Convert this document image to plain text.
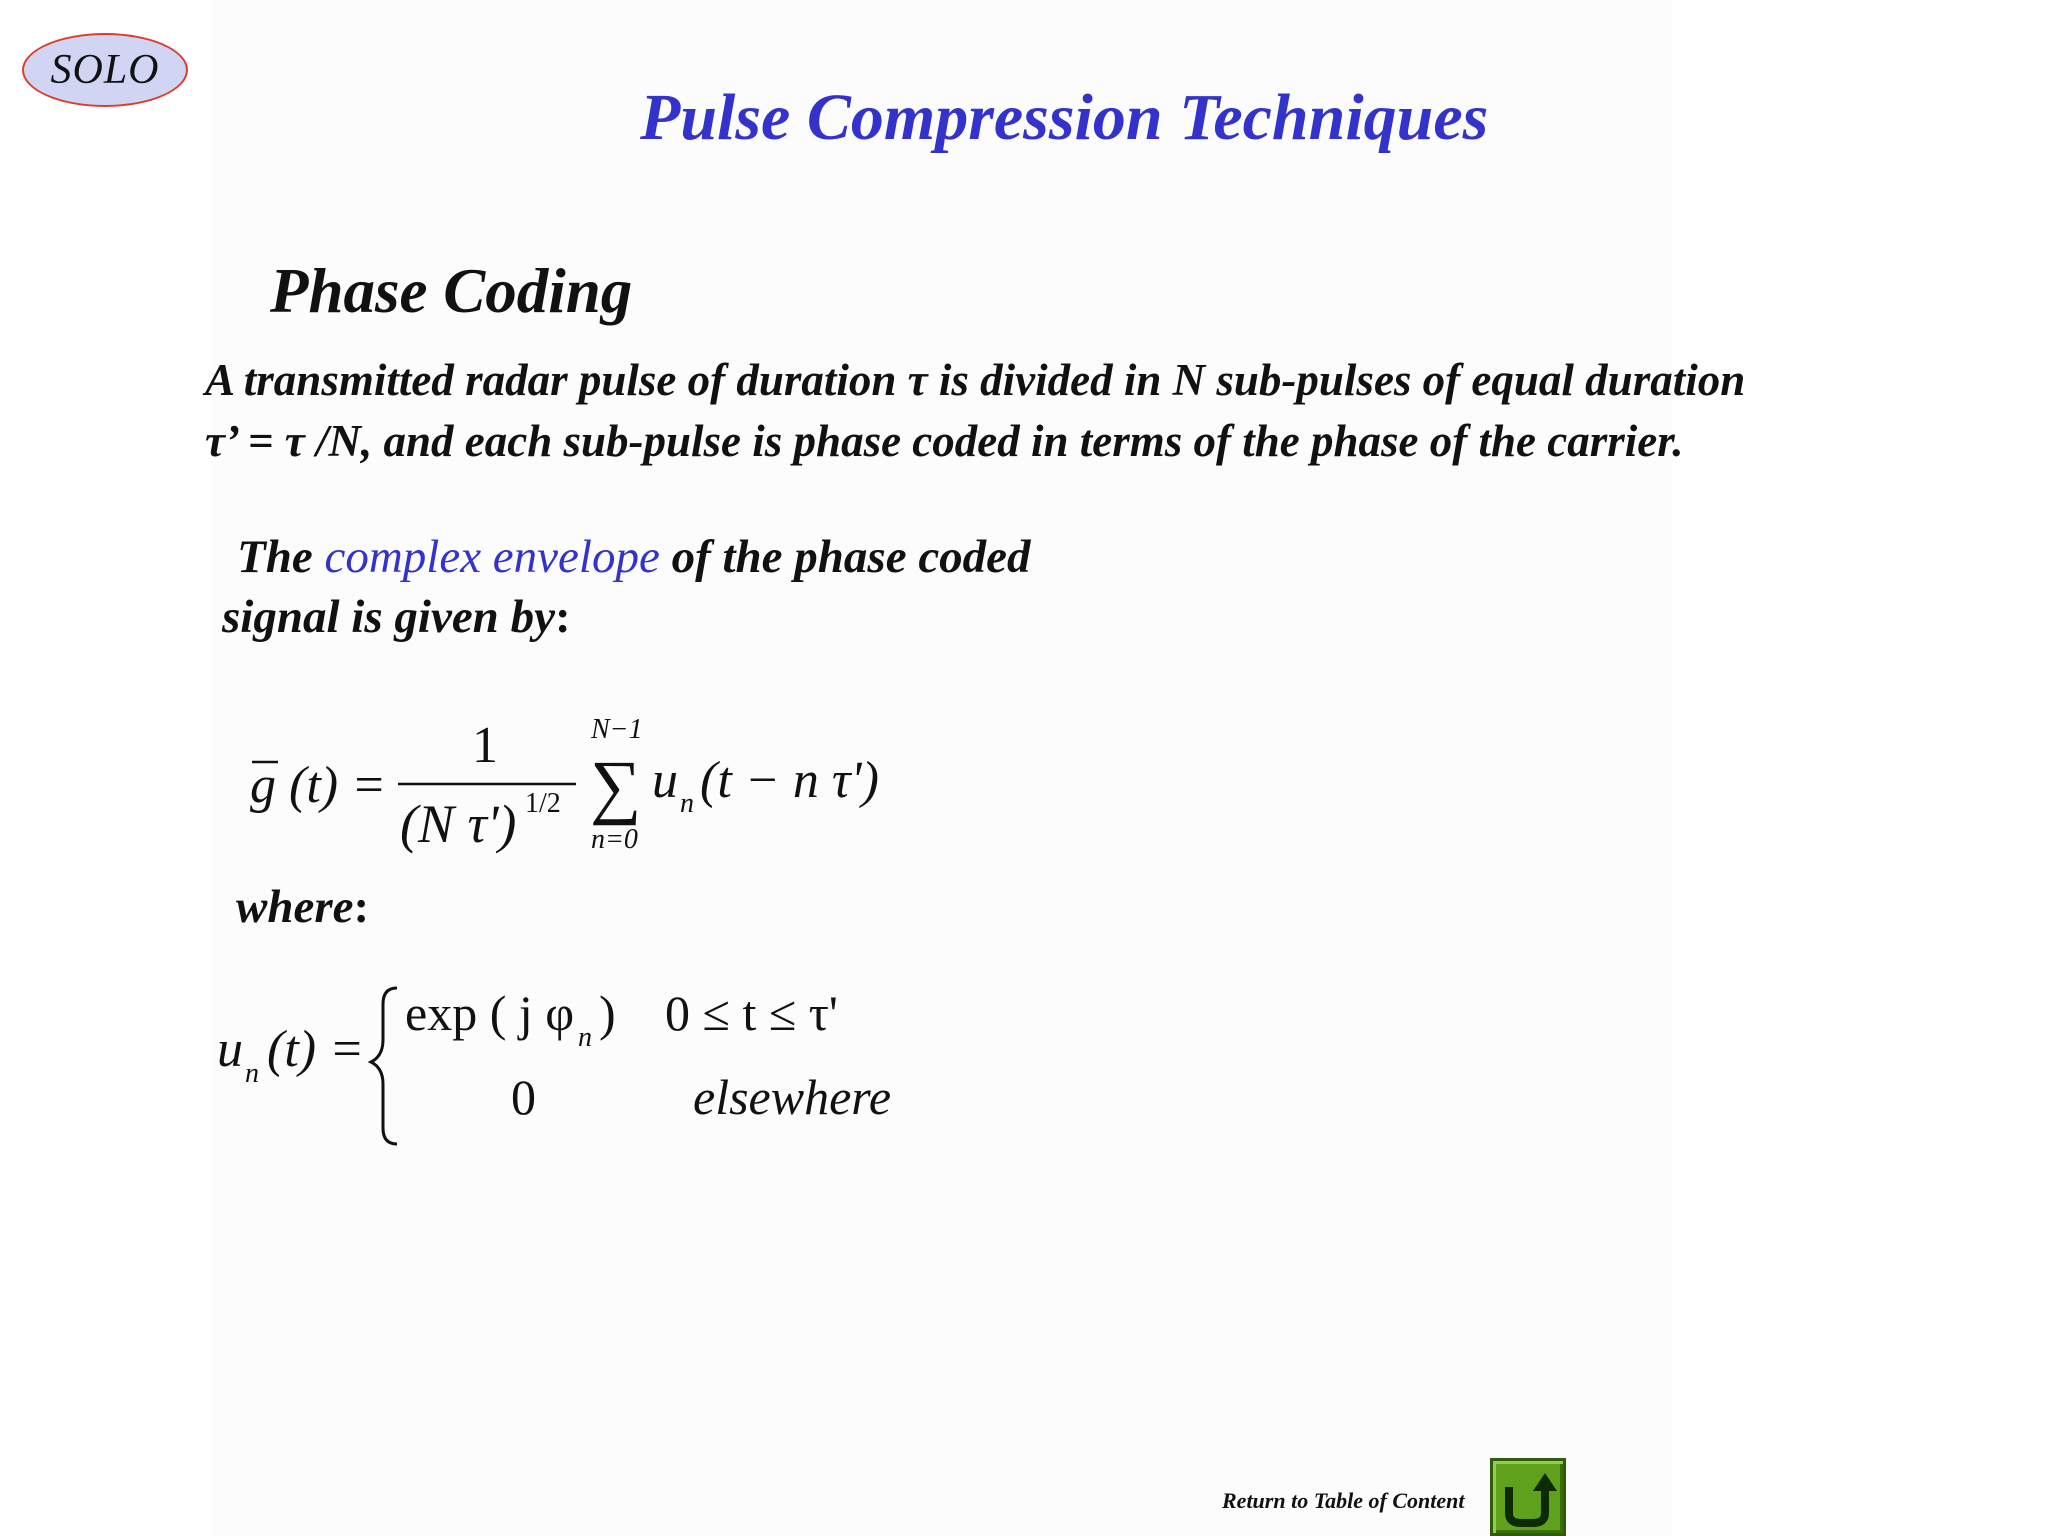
SOLO
Pulse Compression Techniques
Phase Coding
A transmitted radar pulse of duration τ is divided in N sub-pulses of equal duration
τ’ = τ /N, and each sub-pulse is phase coded in terms of the phase of the carrier.
The complex envelope of the phase coded
signal is given by:
g (t) =
1
(N τ') 1/2
N−1
∑
n=0
u n (t − n τ')
where:
u n (t) =
exp ( j φ n ) 0 ≤ t ≤ τ'
0	elsewhere
Return to Table of Content
